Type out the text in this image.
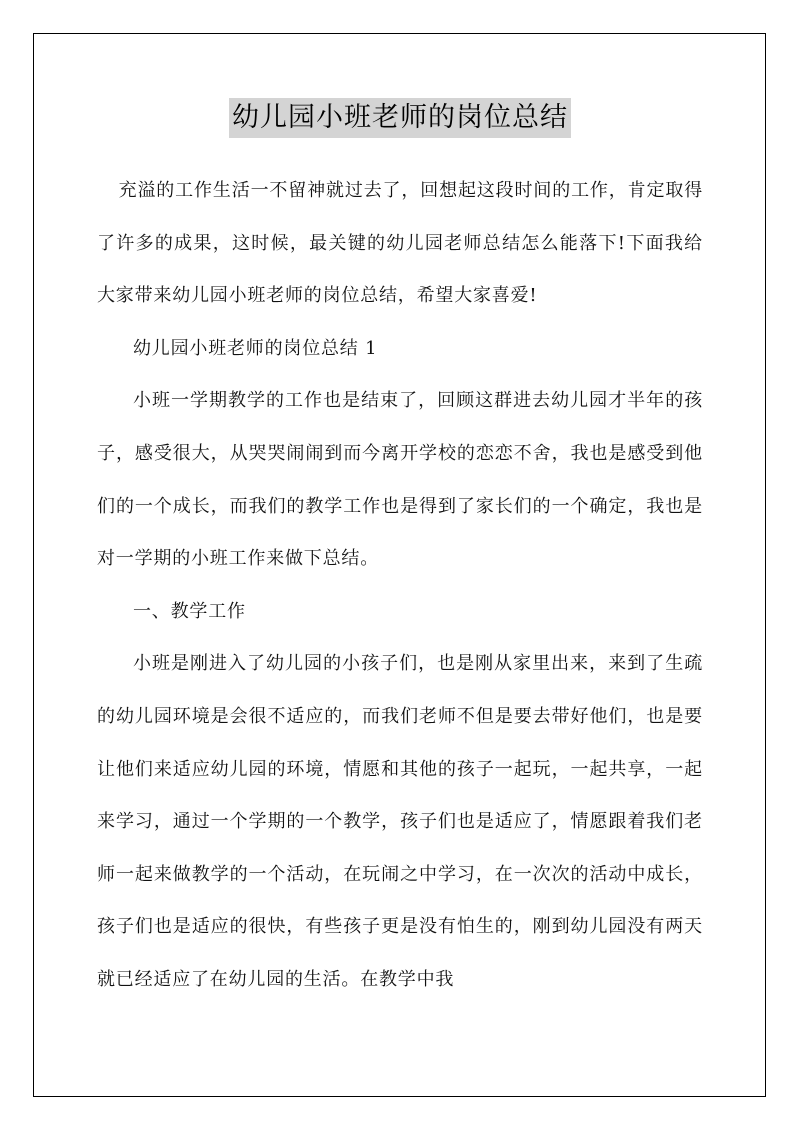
幼儿园小班老师的岗位总结

充溢的工作生活一不留神就过去了，回想起这段时间的工作，肯定取得了许多的成果，这时候，最关键的幼儿园老师总结怎么能落下!下面我给大家带来幼儿园小班老师的岗位总结，希望大家喜爱!

幼儿园小班老师的岗位总结 1

小班一学期教学的工作也是结束了，回顾这群进去幼儿园才半年的孩子，感受很大，从哭哭闹闹到而今离开学校的恋恋不舍，我也是感受到他们的一个成长，而我们的教学工作也是得到了家长们的一个确定，我也是对一学期的小班工作来做下总结。

一、教学工作

小班是刚进入了幼儿园的小孩子们，也是刚从家里出来，来到了生疏的幼儿园环境是会很不适应的，而我们老师不但是要去带好他们，也是要让他们来适应幼儿园的环境，情愿和其他的孩子一起玩，一起共享，一起来学习，通过一个学期的一个教学，孩子们也是适应了，情愿跟着我们老师一起来做教学的一个活动，在玩闹之中学习，在一次次的活动中成长，孩子们也是适应的很快，有些孩子更是没有怕生的，刚到幼儿园没有两天就已经适应了在幼儿园的生活。在教学中我
